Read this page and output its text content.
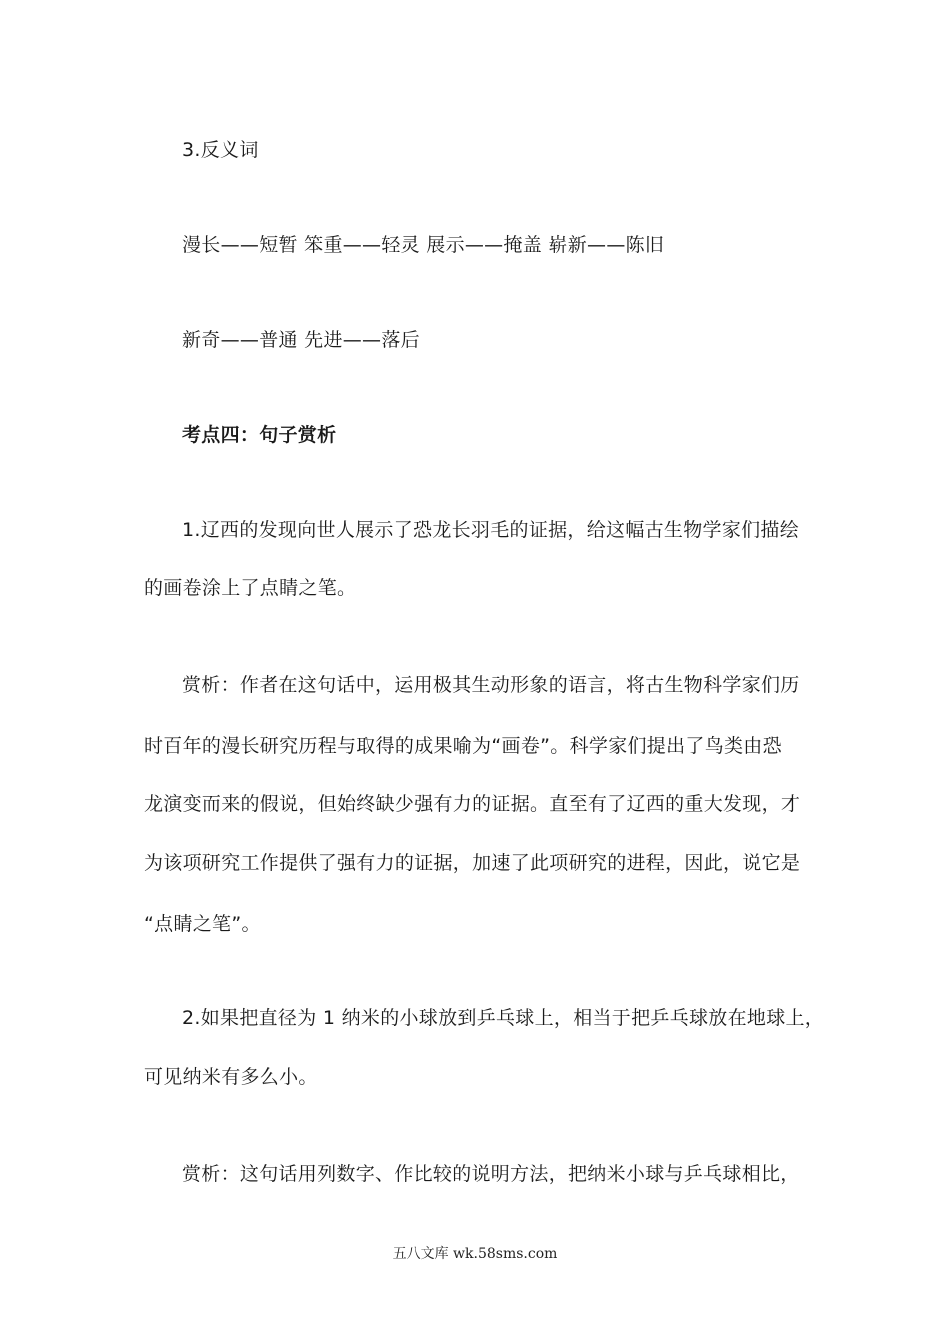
3.反义词
漫长——短暂 笨重——轻灵 展示——掩盖 崭新——陈旧
新奇——普通 先进——落后
考点四：句子赏析
1.辽西的发现向世人展示了恐龙长羽毛的证据，给这幅古生物学家们描绘
的画卷涂上了点睛之笔。
赏析：作者在这句话中，运用极其生动形象的语言，将古生物科学家们历
时百年的漫长研究历程与取得的成果喻为“画卷”。科学家们提出了鸟类由恐
龙演变而来的假说，但始终缺少强有力的证据。直至有了辽西的重大发现，才
为该项研究工作提供了强有力的证据，加速了此项研究的进程，因此，说它是
“点睛之笔”。
2.如果把直径为 1 纳米的小球放到乒乓球上，相当于把乒乓球放在地球上，
可见纳米有多么小。
赏析：这句话用列数字、作比较的说明方法，把纳米小球与乒乓球相比，
五八文库 wk.58sms.com
